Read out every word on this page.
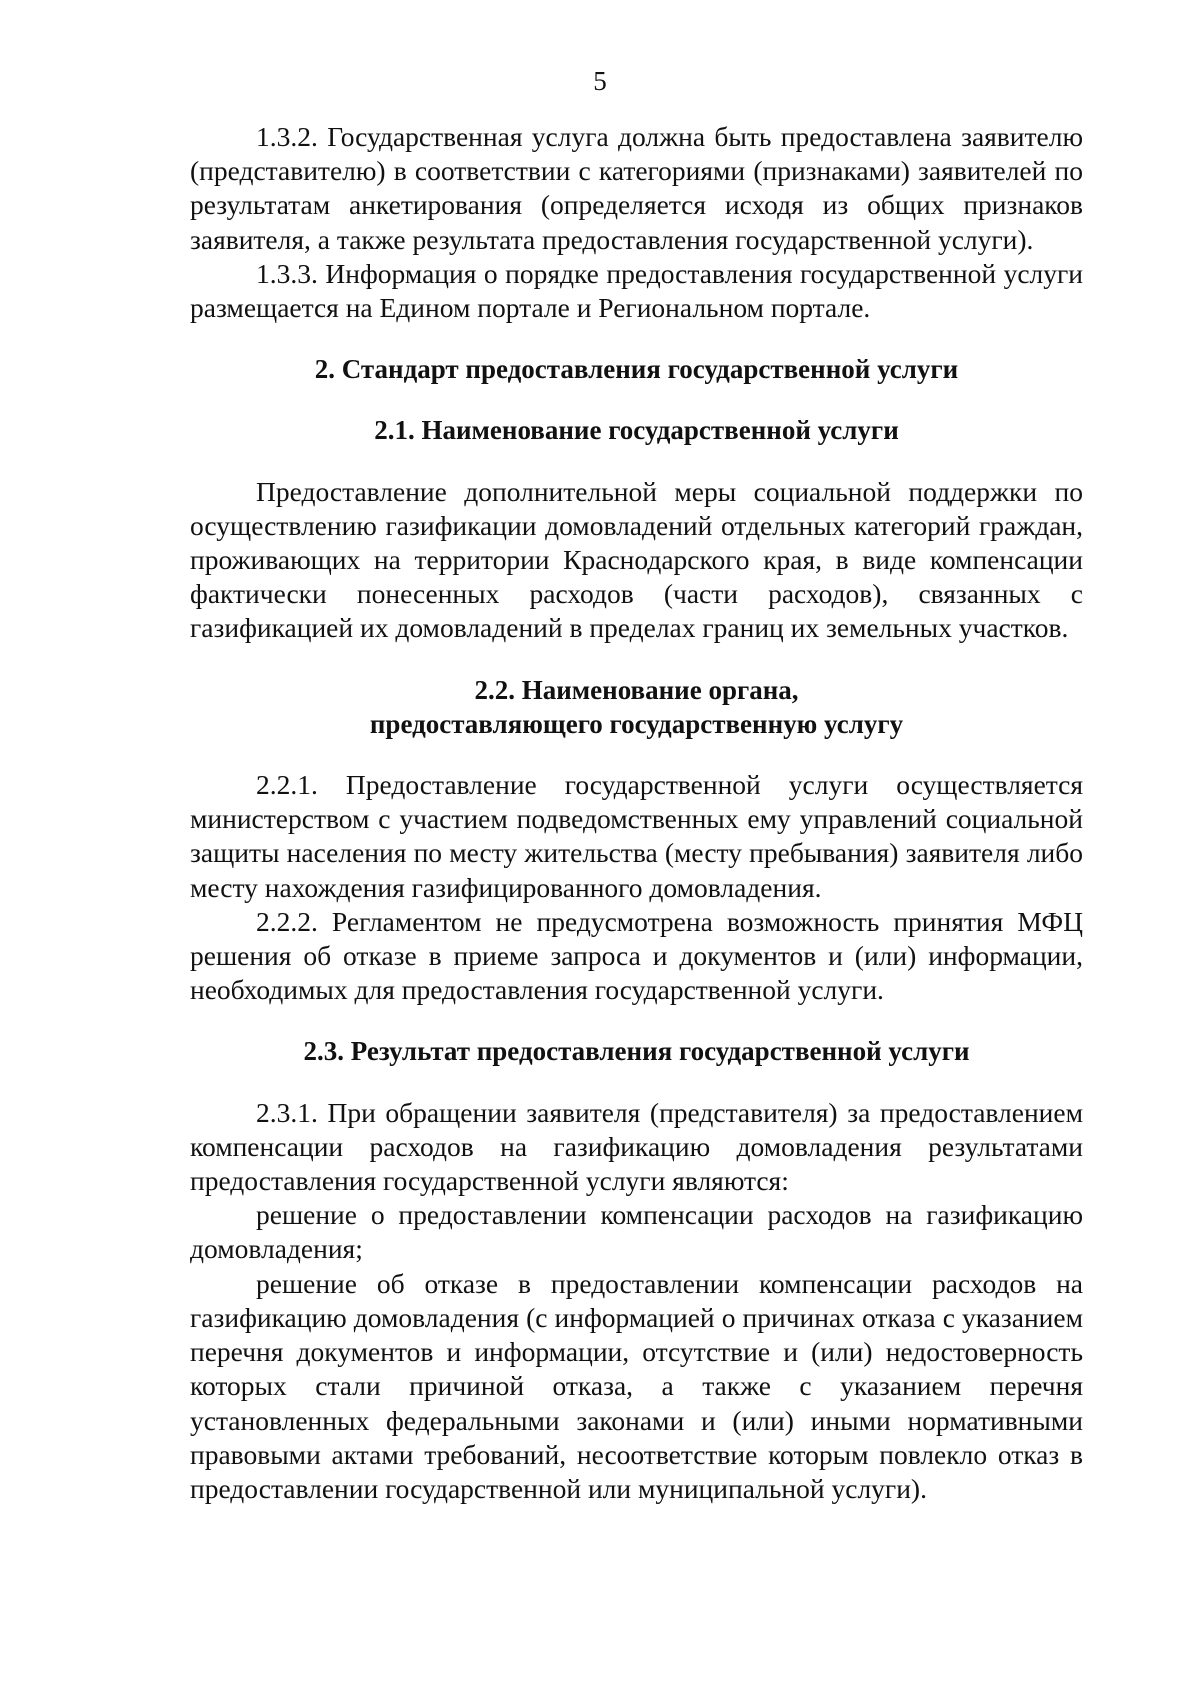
5

1.3.2. Государственная услуга должна быть предоставлена заявителю (представителю) в соответствии с категориями (признаками) заявителей по результатам анкетирования (определяется исходя из общих признаков заявителя, а также результата предоставления государственной услуги).

1.3.3. Информация о порядке предоставления государственной услуги размещается на Едином портале и Региональном портале.

2. Стандарт предоставления государственной услуги
2.1. Наименование государственной услуги

Предоставление дополнительной меры социальной поддержки по осуществлению газификации домовладений отдельных категорий граждан, проживающих на территории Краснодарского края, в виде компенсации фактически понесенных расходов (части расходов), связанных с газификацией их домовладений в пределах границ их земельных участков.

2.2. Наименование органа,
предоставляющего государственную услугу

2.2.1. Предоставление государственной услуги осуществляется министерством с участием подведомственных ему управлений социальной защиты населения по месту жительства (месту пребывания) заявителя либо месту нахождения газифицированного домовладения.

2.2.2. Регламентом не предусмотрена возможность принятия МФЦ решения об отказе в приеме запроса и документов и (или) информации, необходимых для предоставления государственной услуги.

2.3. Результат предоставления государственной услуги

2.3.1. При обращении заявителя (представителя) за предоставлением компенсации расходов на газификацию домовладения результатами предоставления государственной услуги являются:

решение о предоставлении компенсации расходов на газификацию домовладения;

решение об отказе в предоставлении компенсации расходов на газификацию домовладения (с информацией о причинах отказа с указанием перечня документов и информации, отсутствие и (или) недостоверность которых стали причиной отказа, а также с указанием перечня установленных федеральными законами и (или) иными нормативными правовыми актами требований, несоответствие которым повлекло отказ в предоставлении государственной или муниципальной услуги).
